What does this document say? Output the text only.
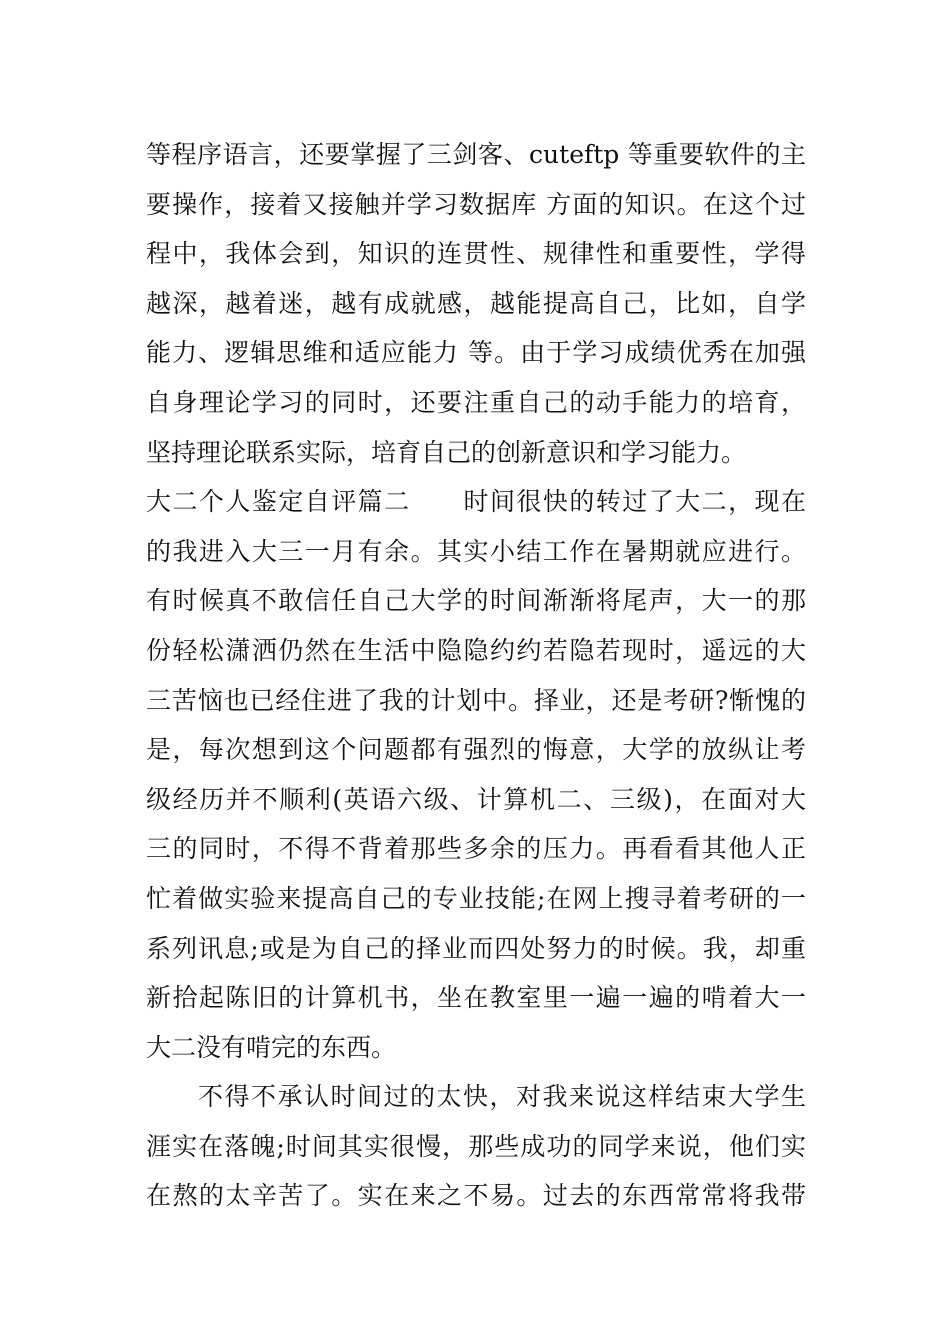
等程序语言，还要掌握了三剑客、cuteftp 等重要软件的主
要操作，接着又接触并学习数据库 方面的知识。在这个过
程中，我体会到，知识的连贯性、规律性和重要性，学得
越深，越着迷，越有成就感，越能提高自己，比如，自学
能力、逻辑思维和适应能力 等。由于学习成绩优秀在加强
自身理论学习的同时，还要注重自己的动手能力的培育，
坚持理论联系实际，培育自己的创新意识和学习能力。
大二个人鉴定自评篇二　　时间很快的转过了大二，现在
的我进入大三一月有余。其实小结工作在暑期就应进行。
有时候真不敢信任自己大学的时间渐渐将尾声，大一的那
份轻松潇洒仍然在生活中隐隐约约若隐若现时，遥远的大
三苦恼也已经住进了我的计划中。择业，还是考研?惭愧的
是，每次想到这个问题都有强烈的悔意，大学的放纵让考
级经历并不顺利(英语六级、计算机二、三级)，在面对大
三的同时，不得不背着那些多余的压力。再看看其他人正
忙着做实验来提高自己的专业技能;在网上搜寻着考研的一
系列讯息;或是为自己的择业而四处努力的时候。我，却重
新拾起陈旧的计算机书，坐在教室里一遍一遍的啃着大一
大二没有啃完的东西。
不得不承认时间过的太快，对我来说这样结束大学生
涯实在落魄;时间其实很慢，那些成功的同学来说，他们实
在熬的太辛苦了。实在来之不易。过去的东西常常将我带
